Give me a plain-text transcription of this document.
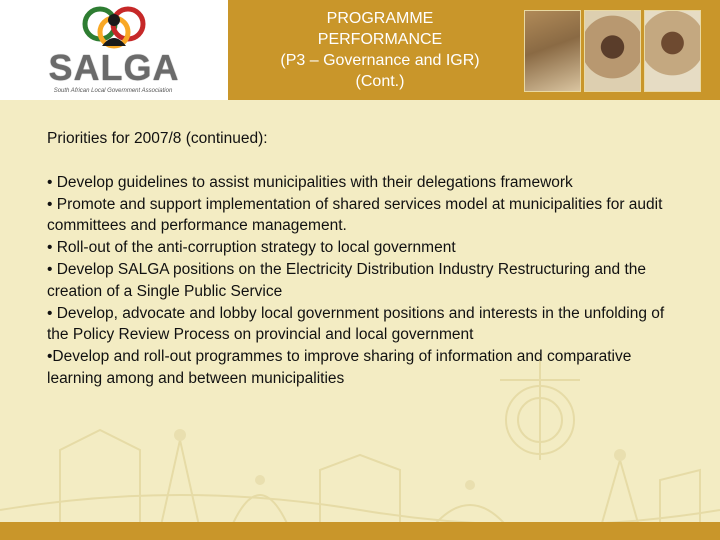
SALGA
South African Local Government Association
PROGRAMME
PERFORMANCE
(P3 – Governance and IGR)
(Cont.)

Priorities for 2007/8 (continued):

• Develop guidelines to assist municipalities with their delegations framework

• Promote and support implementation of shared services model at municipalities for audit committees and performance management.

• Roll-out of the anti-corruption strategy to local government

• Develop SALGA positions on the Electricity Distribution Industry Restructuring and the creation of a Single Public Service

• Develop, advocate and lobby local government positions and interests in the unfolding of the Policy Review Process on provincial and local government

•Develop and roll-out programmes to improve sharing of information and comparative learning among and between municipalities
